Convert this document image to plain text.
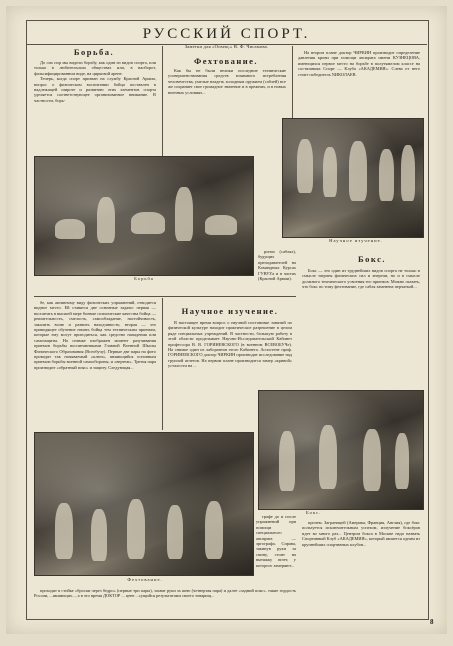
РУССКИЙ СПОРТ.
Заметки для «Освещ.» В. Ф. Чисамова.
Борьба.

До сих пор мы видели борьбу, как один из видов спорта, или только в любительских обществах или, в наоборот, фальсифицированном виде, на цирковой арене.

Теперь, когда спорт призван на службу Красной Армии, вопрос о физическом воспитании бойца поставлен в надлежащей широте и развитию этих элементов спорта уделяется соответствующее организованное внимание. В частности, борь-

Фехтование.

Как бы не были велики последние технические усовершенствования средств взаимного истребления человечества, умелые владеть холодным оружием (саблей) все же сохраняет свое громадное значение и в прежних, и в новых военных условиях...

На втором плане доктор ЧИРКИН производит определение давления крови при помощи аппарата имени КУЗНЕЦОВА, имеющихся первое место на борьбе в полутяжелом классе на состязаниях Спорт — Клуба «АКАДЕМИЯ». Слева от него стоит победитель NИКОЛАЕВ.

Научное изучение.
Борьба

ронах (саблях), будущих преподавателей на Командных Курсах ГУВУЗ'а и в частях (Красной Армии).

Бокс.

Бокс — это один из труднейших видов спорта не только в смысле затраты физических сил и энергии, но и в смысле должного технического усвоения его приемов. Можно сказать, что бокс по тому фехтование, где сабля заменена перчаткой...

бе, как активному виду физических упражнений, отводится видное место. Ей ставятся две основные задачи: первая — воспитать в высшей мере боевые психические качества бойца — решительность, смелость, самообладание, настойчивость, закалить волю и развить находчивость; вторая — это приводящее обучение начать бойца тем техническим приемам, которые ему могут пригодиться, как средство нападения или самозащиты. На снимке изображен момент разучивания приемов борьбы воспитанниками Главной Военной Школы Физического Образования (Всеобучу). Первые две пары на фото проводят так называемый «ключ», являющийся основным приемом борьбы военной самообороны, и «вертеж». Третья пара производит «обратный пояс» и защиту. Следующая...

Научное изучение.

В настоящее время вопрос о научной постановке занятий по физической культуре находит практическое разрешение в целом ряде специальных учреждений. В частности, большую работу в этой области проделывает Научно-Исследовательский Кабинет профессора В. В. ГОРИНЕВСКОГО (в военном ВСЕВОБУЧе). На снимке один из лаборантов этого Кабинета. Ассистент проф. ГОРИНЕВСКОГО доктор ЧИРКИН производит исследование над группой атлетов. На первом плане производится замер «кривой» усталости на ...

Бокс.
Фехтование.

графе до и после упражнений при помощи специального аппарата — эргографа. Справа, закинув руки за спину, стоит на вытяжку атлет, у которого замеряют...

прочем. Заграницей (Америка, Франция, Англия), где бокс пользуется исключительным успехом, излучение боксёров идет во много раз... Центром бокса в Москве надо назвать Спортивный Клуб «АКАДЕМИЯ», который является одним из крупнейших спортивных клубов...

проходят в стойке «броски через бедро» (первые три пары), захват руки за шею (четвертая пара) и далее «задний пояс». такие гордость России, ...являющих..., а в это время ДОКТОР ... цене ...сущийся результатами своего товарищ...

8
